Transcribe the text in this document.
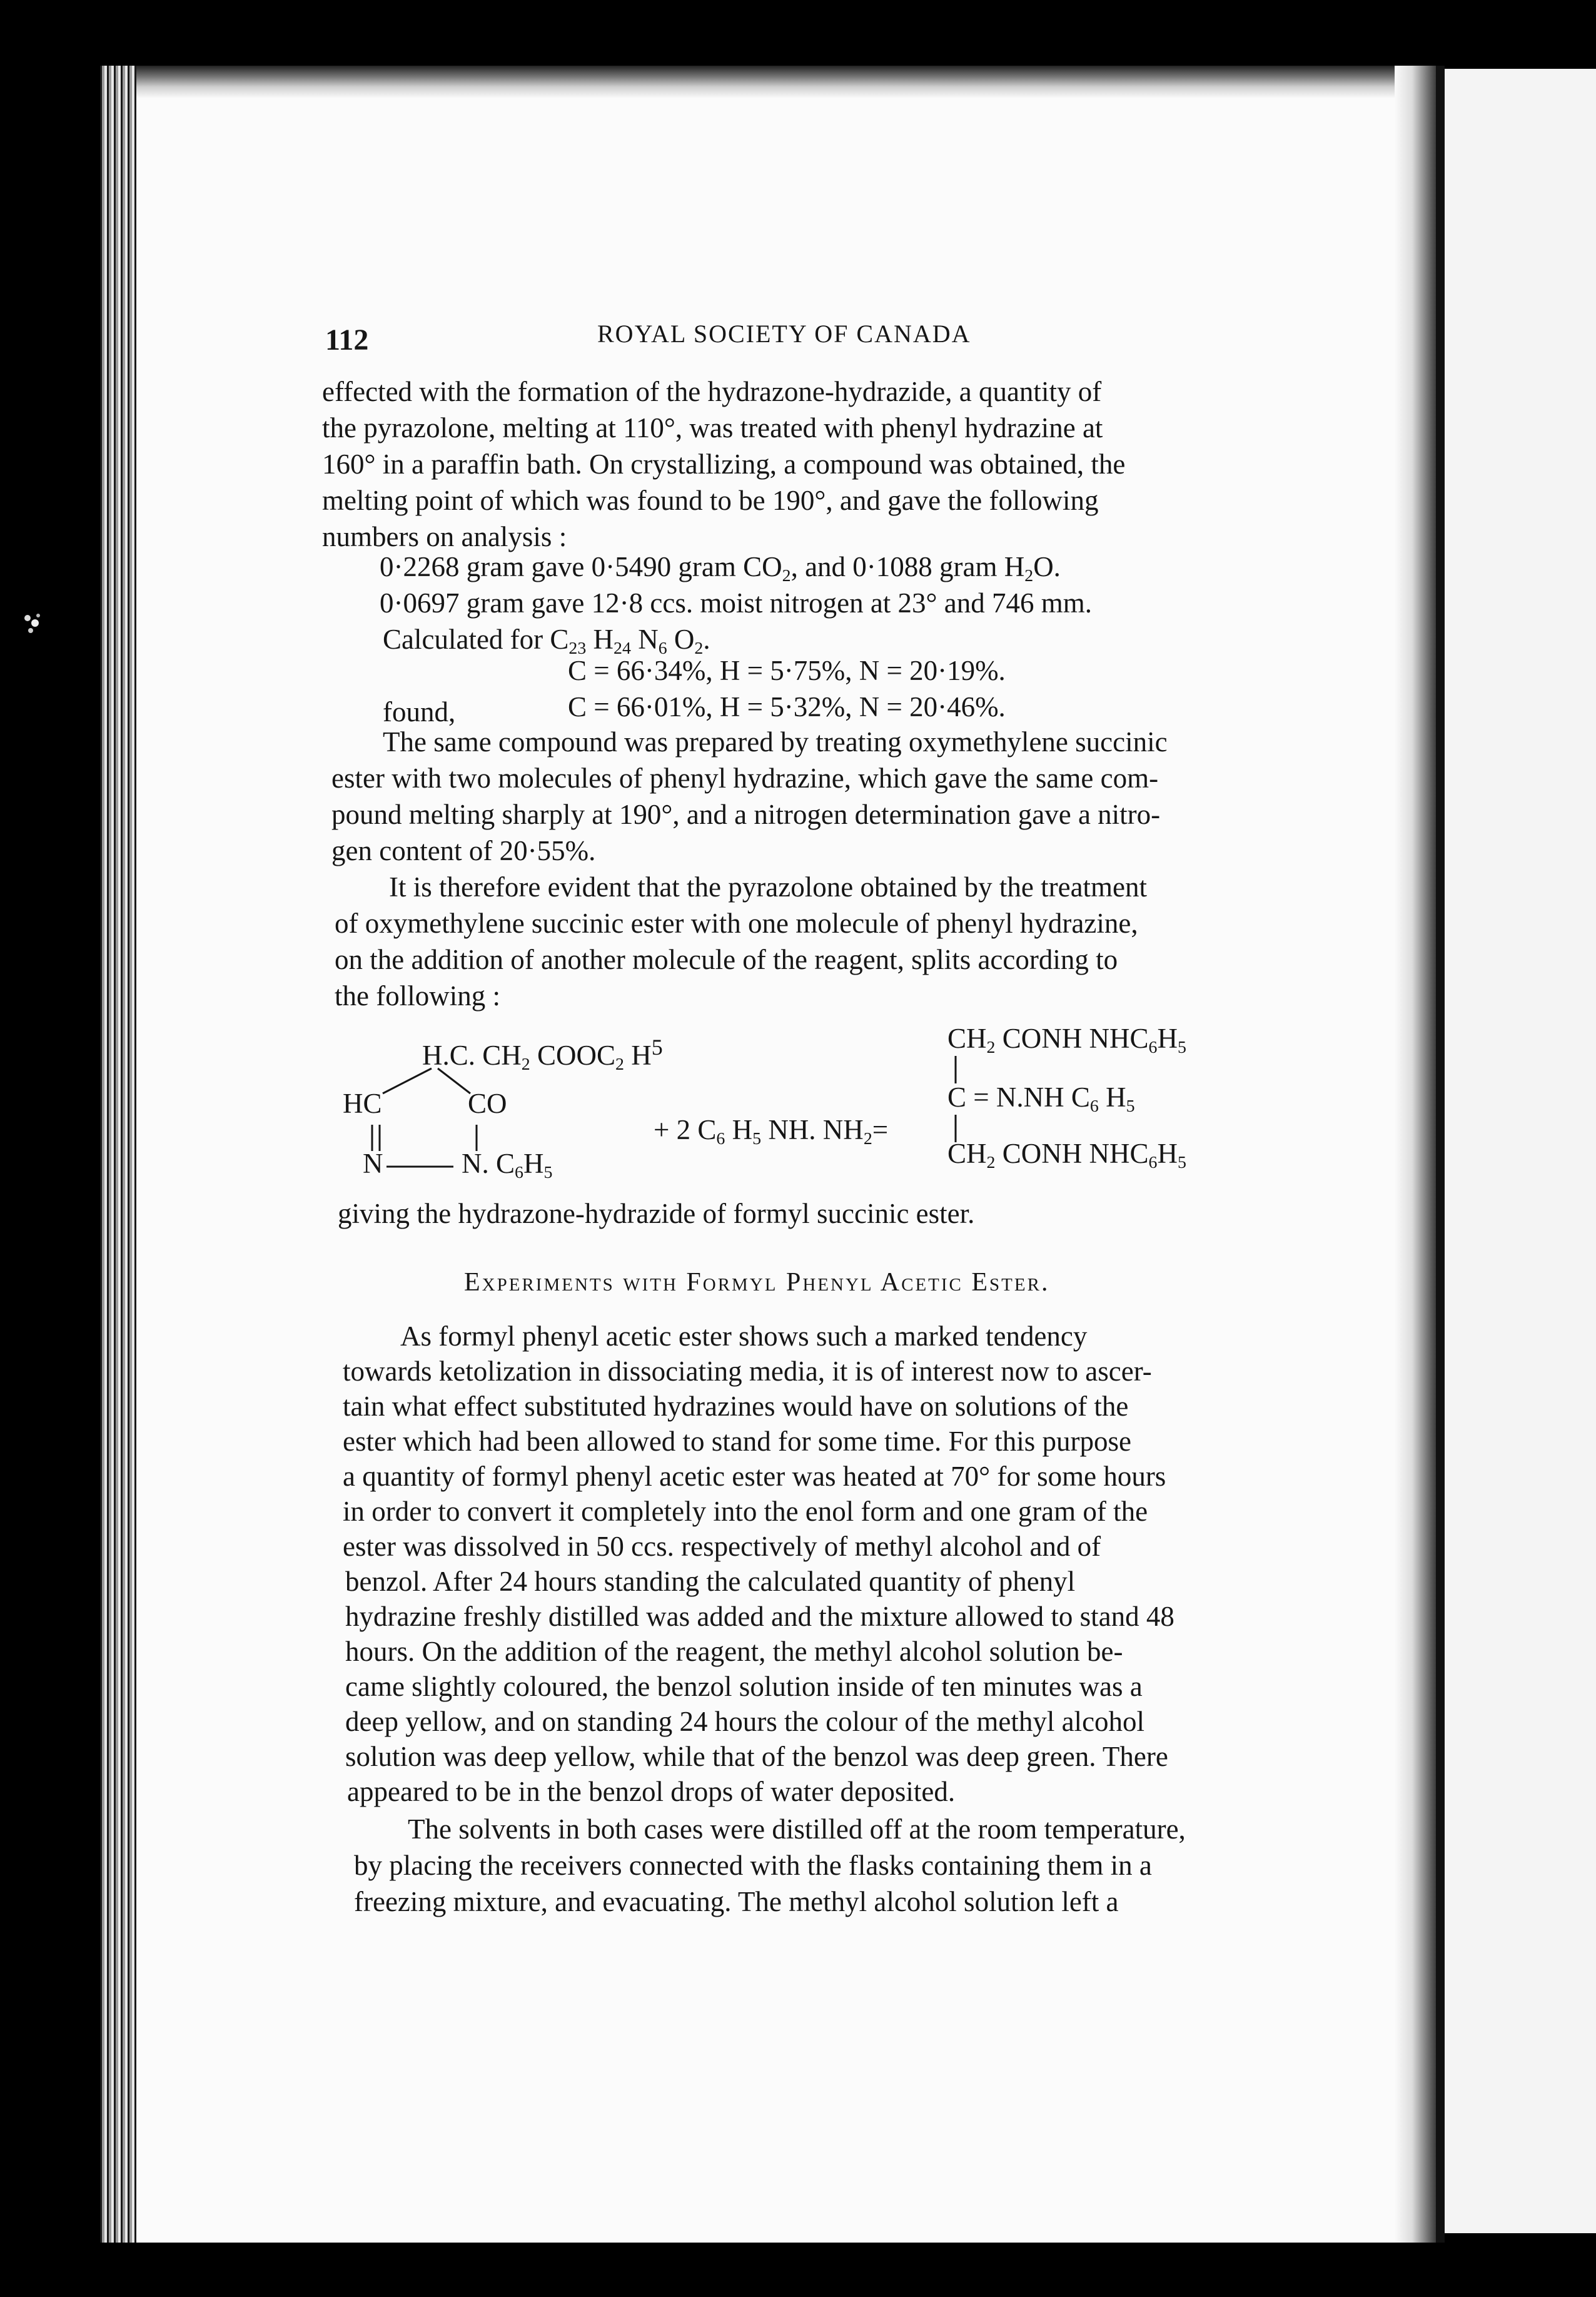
112	ROYAL SOCIETY OF CANADA
effected with the formation of the hydrazone-hydrazide, a quantity of
the pyrazolone, melting at 110°, was treated with phenyl hydrazine at
160° in a paraffin bath. On crystallizing, a compound was obtained, the
melting point of which was found to be 190°, and gave the following
numbers on analysis :
0·2268 gram gave 0·5490 gram $CO_2$, and 0·1088 gram $H_2O$.
0·0697 gram gave 12·8 ccs. moist nitrogen at 23° and 746 mm.
Calculated for $C_{23}$ $H_{24}$ $N_6$ $O_2$.
C = 66·34%, H = 5·75%, N = 20·19%.
found,	C = 66·01%, H = 5·32%, N = 20·46%.
The same compound was prepared by treating oxymethylene succinic
ester with two molecules of phenyl hydrazine, which gave the same com-
pound melting sharply at 190°, and a nitrogen determination gave a nitro-
gen content of 20·55%.
It is therefore evident that the pyrazolone obtained by the treatment
of oxymethylene succinic ester with one molecule of phenyl hydrazine,
on the addition of another molecule of the reagent, splits according to
the following :
H.C. $CH_2$ $COOC_2$ $H^5$
HC	CO
N	N. $C_6H_5$
+ 2 $C_6$ $H_5$ NH. $NH_2=$
$CH_2$ CONH $NHC_6H_5$
C = N.NH $C_6$ $H_5$
$CH_2$ CONH $NHC_6H_5$
giving the hydrazone-hydrazide of formyl succinic ester.
Experiments with Formyl Phenyl Acetic Ester.
As formyl phenyl acetic ester shows such a marked tendency
towards ketolization in dissociating media, it is of interest now to ascer-
tain what effect substituted hydrazines would have on solutions of the
ester which had been allowed to stand for some time. For this purpose
a quantity of formyl phenyl acetic ester was heated at 70° for some hours
in order to convert it completely into the enol form and one gram of the
ester was dissolved in 50 ccs. respectively of methyl alcohol and of
benzol. After 24 hours standing the calculated quantity of phenyl
hydrazine freshly distilled was added and the mixture allowed to stand 48
hours. On the addition of the reagent, the methyl alcohol solution be-
came slightly coloured, the benzol solution inside of ten minutes was a
deep yellow, and on standing 24 hours the colour of the methyl alcohol
solution was deep yellow, while that of the benzol was deep green. There
appeared to be in the benzol drops of water deposited.
The solvents in both cases were distilled off at the room temperature,
by placing the receivers connected with the flasks containing them in a
freezing mixture, and evacuating. The methyl alcohol solution left a
